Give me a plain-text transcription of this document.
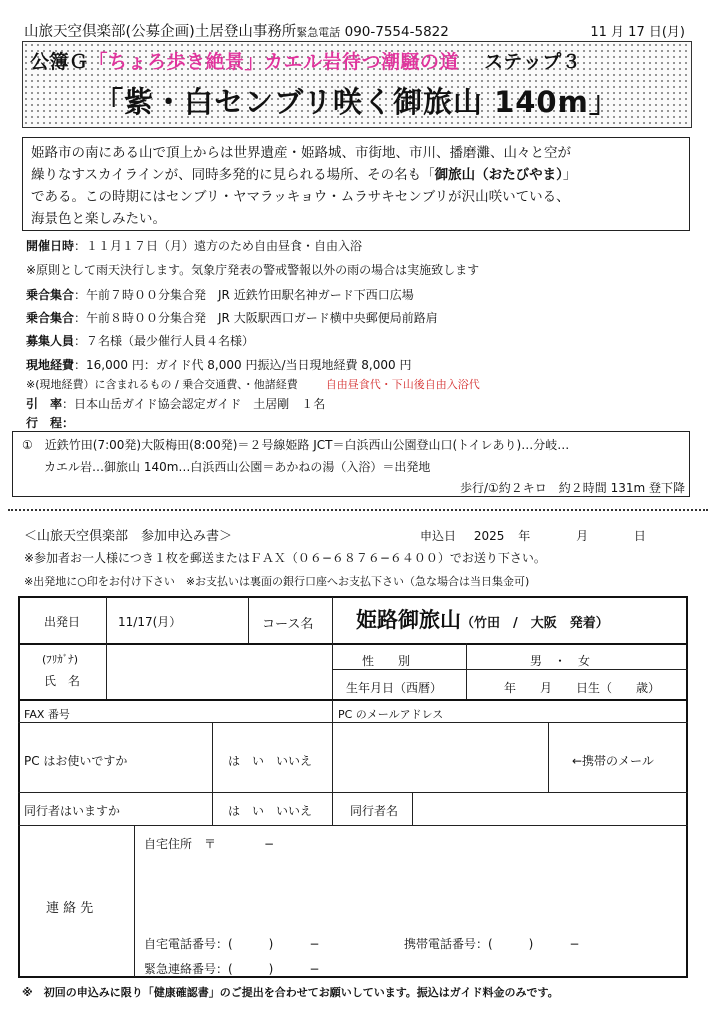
山旅天空倶楽部(公募企画)土居登山事務所緊急電話 090-7554-5822	11 月 17 日(月)
公簿Ｇ「ちょろ歩き絶景」カエル岩待つ潮騒の道 ステップ３
「紫・白センブリ咲く御旅山 140m」

姫路市の南にある山で頂上からは世界遺産・姫路城、市街地、市川、播磨灘、山々と空が

繰りなすスカイラインが、同時多発的に見られる場所、その名も「御旅山（おたびやま）」

である。この時期にはセンブリ・ヤマラッキョウ・ムラサキセンブリが沢山咲いている、

海景色と楽しみたい。

開催日時：１１月１７日（月）遠方のため自由昼食・自由入浴
※原則として雨天決行します。気象庁発表の警戒警報以外の雨の場合は実施致します
乗合集合：午前７時００分集合発　JR 近鉄竹田駅名神ガード下西口広場
乗合集合：午前８時００分集合発　JR 大阪駅西口ガード横中央郵便局前路肩
募集人員：７名様（最少催行人員４名様）
現地経費：16,000 円：ガイド代 8,000 円振込/当日現地経費 8,000 円
※(現地経費）に含まれるもの / 乗合交通費、・他諸経費	自由昼食代・下山後自由入浴代
引　率：日本山岳ガイド協会認定ガイド　土居剛　１名
行　程：
①　近鉄竹田(7:00発)大阪梅田(8:00発)＝２号線姫路 JCT＝白浜西山公園登山口(トイレあり)…分岐…
カエル岩…御旅山 140m…白浜西山公園＝あかねの湯（入浴）＝出発地
歩行/①約２キロ　約２時間 131m 登下降
＜山旅天空倶楽部　参加申込み書＞	申込日 2025 年	月	日
※参加者お一人様につき１枚を郵送またはＦＡＸ（０６−６８７６−６４００）でお送り下さい。
※出発地に○印をお付け下さい　※お支払いは裏面の銀行口座へお支払下さい（急な場合は当日集金可)
出発日	11/17(月）	コース名 姫路御旅山（竹田　/　大阪　発着）
(ﾌﾘｶﾞﾅ)
氏　名
性　　別	男　・　女
生年月日（西暦）	年　　月　　日生（　　歳）
FAX 番号	PC のメールアドレス
PC はお使いですか	は　い　いいえ	←携帯のメール
同行者はいますか	は　い　いいえ	同行者名
自宅住所　〒　　　　−
連 絡 先
自宅電話番号：(　　　)　　　−	携帯電話番号：(　　　)　　　−
緊急連絡番号：(　　　)　　　−
※　初回の申込みに限り「健康確認書」のご提出を合わせてお願いしています。振込はガイド料金のみです。
